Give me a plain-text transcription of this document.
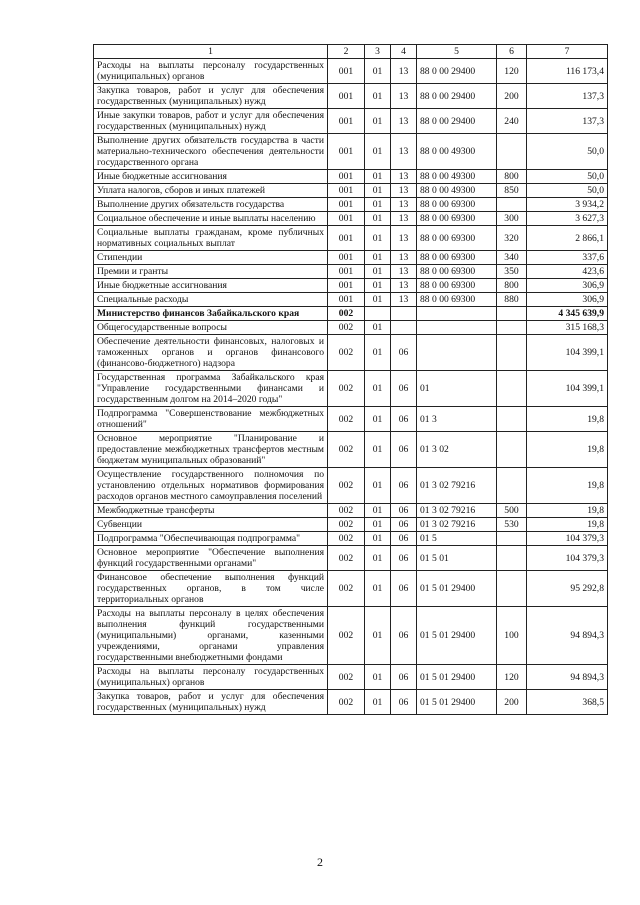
1	2	3	4	5	6	7
Расходы на выплаты персоналу государственных (муниципальных) органов	001	01	13	88 0 00 29400	120	116 173,4
Закупка товаров, работ и услуг для обеспечения государственных (муниципальных) нужд	001	01	13	88 0 00 29400	200	137,3
Иные закупки товаров, работ и услуг для обеспечения государственных (муниципальных) нужд	001	01	13	88 0 00 29400	240	137,3
Выполнение других обязательств государства в части материально-технического обеспечения деятельности государственного органа	001	01	13	88 0 00 49300		50,0
Иные бюджетные ассигнования	001	01	13	88 0 00 49300	800	50,0
Уплата налогов, сборов и иных платежей	001	01	13	88 0 00 49300	850	50,0
Выполнение других обязательств государства	001	01	13	88 0 00 69300		3 934,2
Социальное обеспечение и иные выплаты населению	001	01	13	88 0 00 69300	300	3 627,3
Социальные выплаты гражданам, кроме публичных нормативных социальных выплат	001	01	13	88 0 00 69300	320	2 866,1
Стипендии	001	01	13	88 0 00 69300	340	337,6
Премии и гранты	001	01	13	88 0 00 69300	350	423,6
Иные бюджетные ассигнования	001	01	13	88 0 00 69300	800	306,9
Специальные расходы	001	01	13	88 0 00 69300	880	306,9
Министерство финансов Забайкальского края	002					4 345 639,9
Общегосударственные вопросы	002	01				315 168,3
Обеспечение деятельности финансовых, налоговых и таможенных органов и органов финансового (финансово-бюджетного) надзора	002	01	06			104 399,1
Государственная программа Забайкальского края "Управление государственными финансами и государственным долгом на 2014–2020 годы"	002	01	06	01		104 399,1
Подпрограмма "Совершенствование межбюджетных отношений"	002	01	06	01 3		19,8
Основное мероприятие "Планирование и предоставление межбюджетных трансфертов местным бюджетам муниципальных образований"	002	01	06	01 3 02		19,8
Осуществление государственного полномочия по установлению отдельных нормативов формирования расходов органов местного самоуправления поселений	002	01	06	01 3 02 79216		19,8
Межбюджетные трансферты	002	01	06	01 3 02 79216	500	19,8
Субвенции	002	01	06	01 3 02 79216	530	19,8
Подпрограмма "Обеспечивающая подпрограмма"	002	01	06	01 5		104 379,3
Основное мероприятие "Обеспечение выполнения функций государственными органами"	002	01	06	01 5 01		104 379,3
Финансовое обеспечение выполнения функций государственных органов, в том числе территориальных органов	002	01	06	01 5 01 29400		95 292,8
Расходы на выплаты персоналу в целях обеспечения выполнения функций государственными (муниципальными) органами, казенными учреждениями, органами управления государственными внебюджетными фондами	002	01	06	01 5 01 29400	100	94 894,3
Расходы на выплаты персоналу государственных (муниципальных) органов	002	01	06	01 5 01 29400	120	94 894,3
Закупка товаров, работ и услуг для обеспечения государственных (муниципальных) нужд	002	01	06	01 5 01 29400	200	368,5
2
